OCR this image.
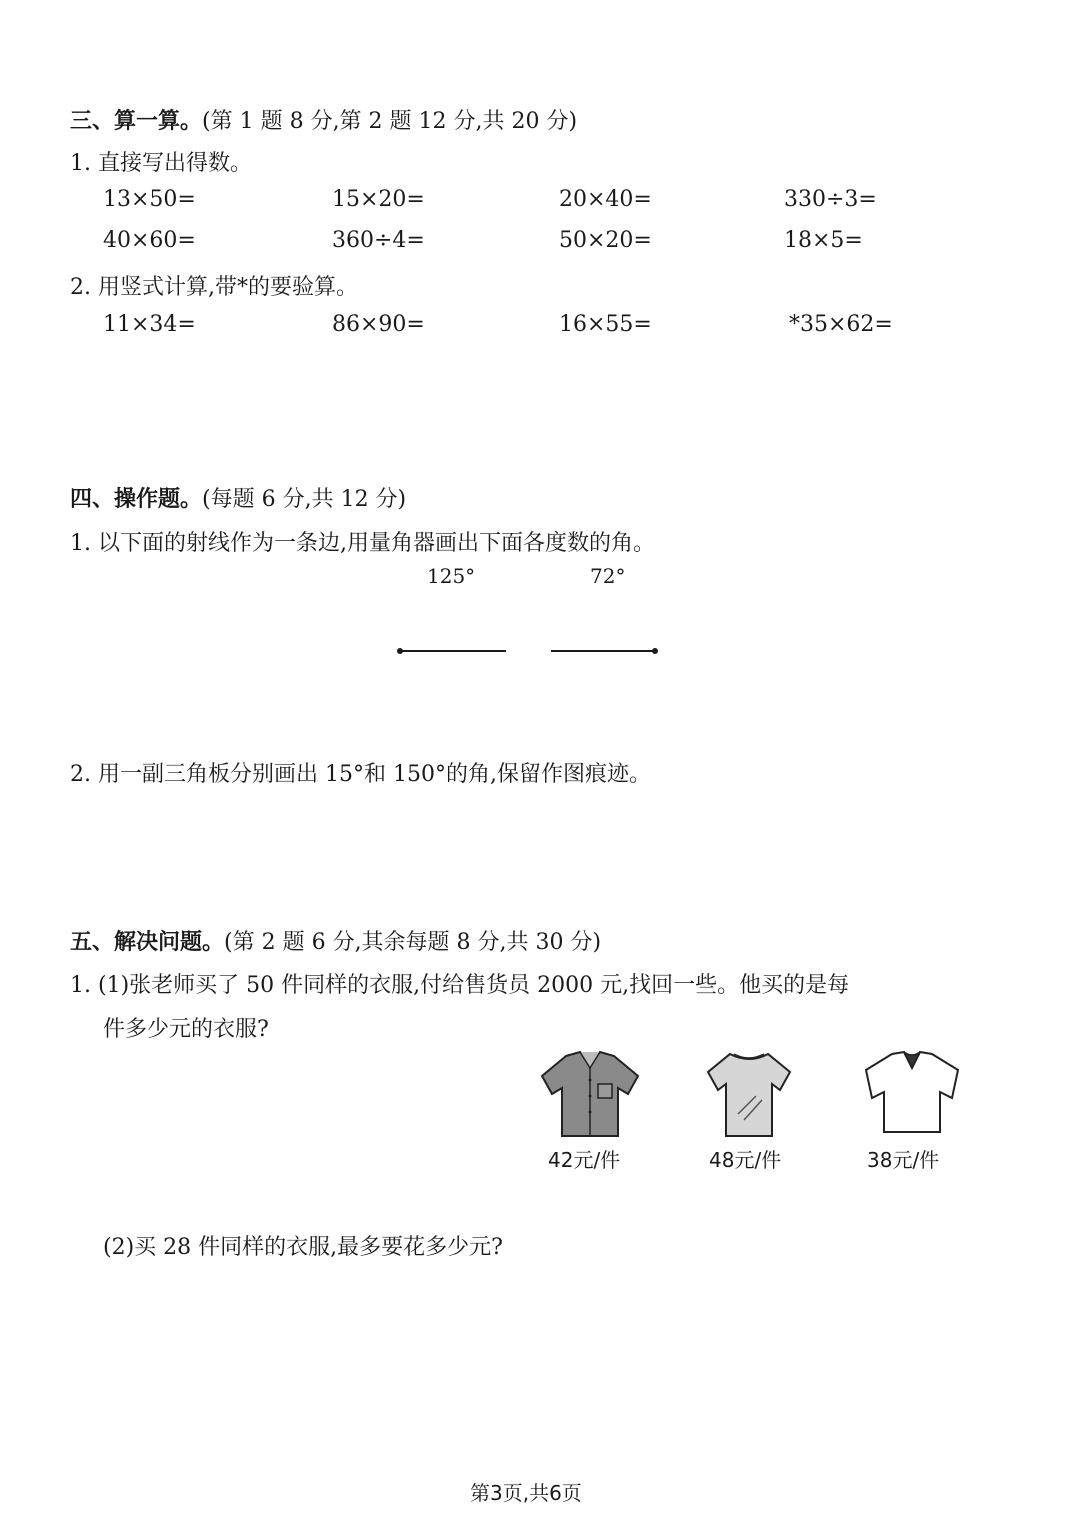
三、算一算。(第 1 题 8 分,第 2 题 12 分,共 20 分)
1. 直接写出得数。
13×50=	15×20=	20×40=	330÷3=
40×60=	360÷4=	50×20=	18×5=
2. 用竖式计算,带*的要验算。
11×34=	86×90=	16×55=	*35×62=
四、操作题。(每题 6 分,共 12 分)
1. 以下面的射线作为一条边,用量角器画出下面各度数的角。
125°	72°
2. 用一副三角板分别画出 15°和 150°的角,保留作图痕迹。
五、解决问题。(第 2 题 6 分,其余每题 8 分,共 30 分)
1. (1)张老师买了 50 件同样的衣服,付给售货员 2000 元,找回一些。他买的是每
件多少元的衣服?
42元/件	48元/件	38元/件
(2)买 28 件同样的衣服,最多要花多少元?
第3页,共6页
